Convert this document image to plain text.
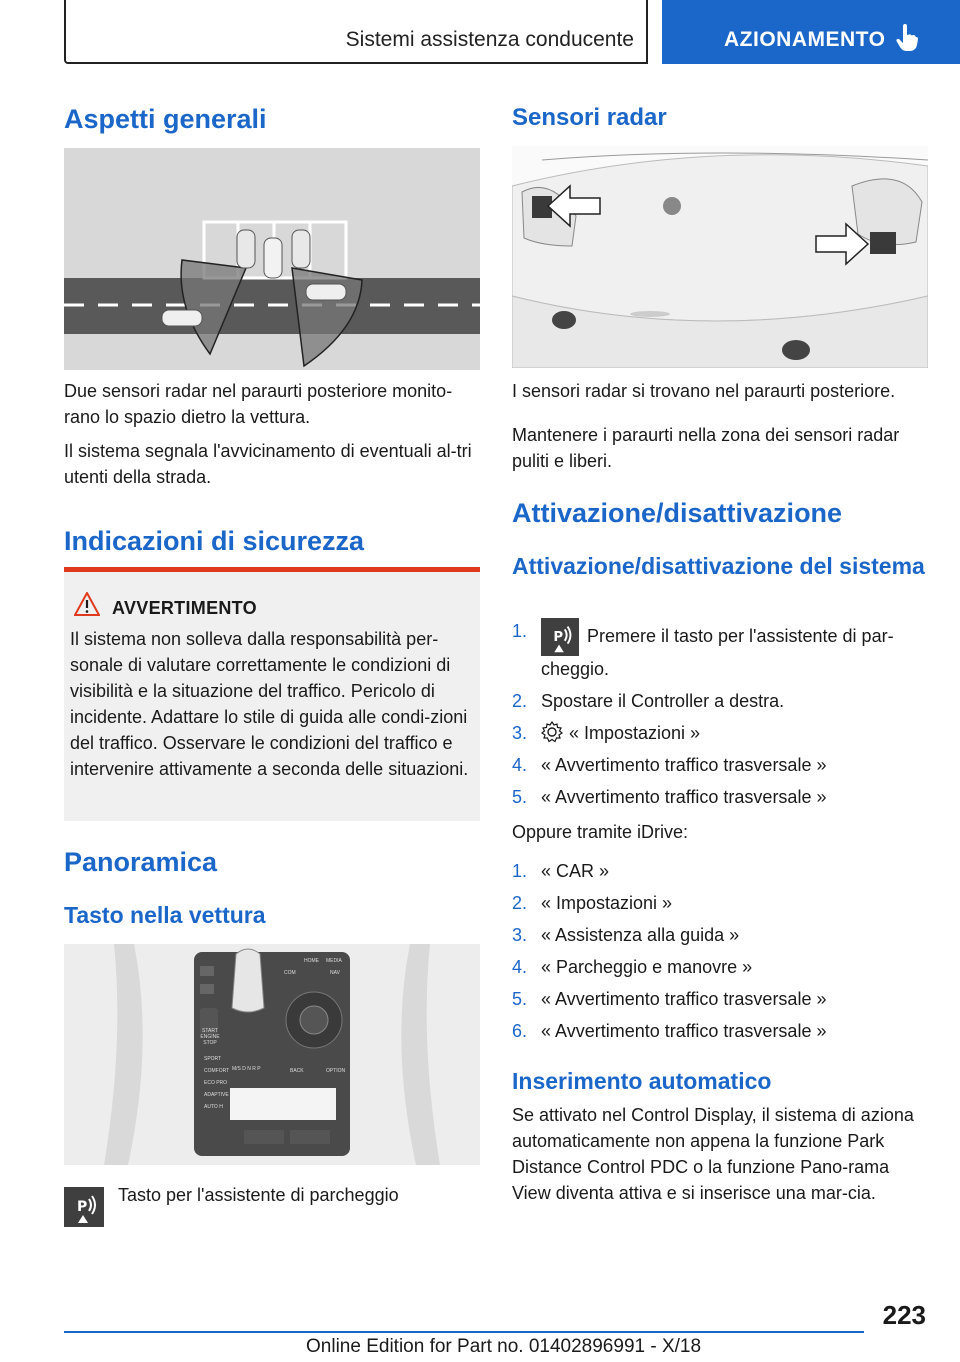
Sistemi assistenza conducente	AZIONAMENTO
Aspetti generali

Due sensori radar nel paraurti posteriore monito-rano lo spazio dietro la vettura.

Il sistema segnala l'avvicinamento di eventuali al-tri utenti della strada.

Indicazioni di sicurezza
AVVERTIMENTO
Il sistema non solleva dalla responsabilità per-sonale di valutare correttamente le condizioni di visibilità e la situazione del traffico. Pericolo di incidente. Adattare lo stile di guida alle condi-zioni del traffico. Osservare le condizioni del traffico e intervenire attivamente a seconda delle situazioni.
Panoramica
Tasto nella vettura
START ENGINE STOP
SPORT
COMFORT
ECO PRO
ADAPTIVE
AUTO H
HOME
COM	NAV
MEDIA
BACK	OPTION
M/S D N R P
P
Tasto per l'assistente di parcheggio
Sensori radar

I sensori radar si trovano nel paraurti posteriore.

Mantenere i paraurti nella zona dei sensori radar puliti e liberi.

Attivazione/disattivazione
Attivazione/disattivazione del sistema
1. P Premere il tasto per l'assistente di par-cheggio.
2. Spostare il Controller a destra.
3. « Impostazioni »
4. « Avvertimento traffico trasversale »
5. « Avvertimento traffico trasversale »

Oppure tramite iDrive:

1. « CAR »
2. « Impostazioni »
3. « Assistenza alla guida »
4. « Parcheggio e manovre »
5. « Avvertimento traffico trasversale »
6. « Avvertimento traffico trasversale »
Inserimento automatico

Se attivato nel Control Display, il sistema di aziona automaticamente non appena la funzione Park Distance Control PDC o la funzione Pano-rama View diventa attiva e si inserisce una mar-cia.

223
Online Edition for Part no. 01402896991 - X/18
